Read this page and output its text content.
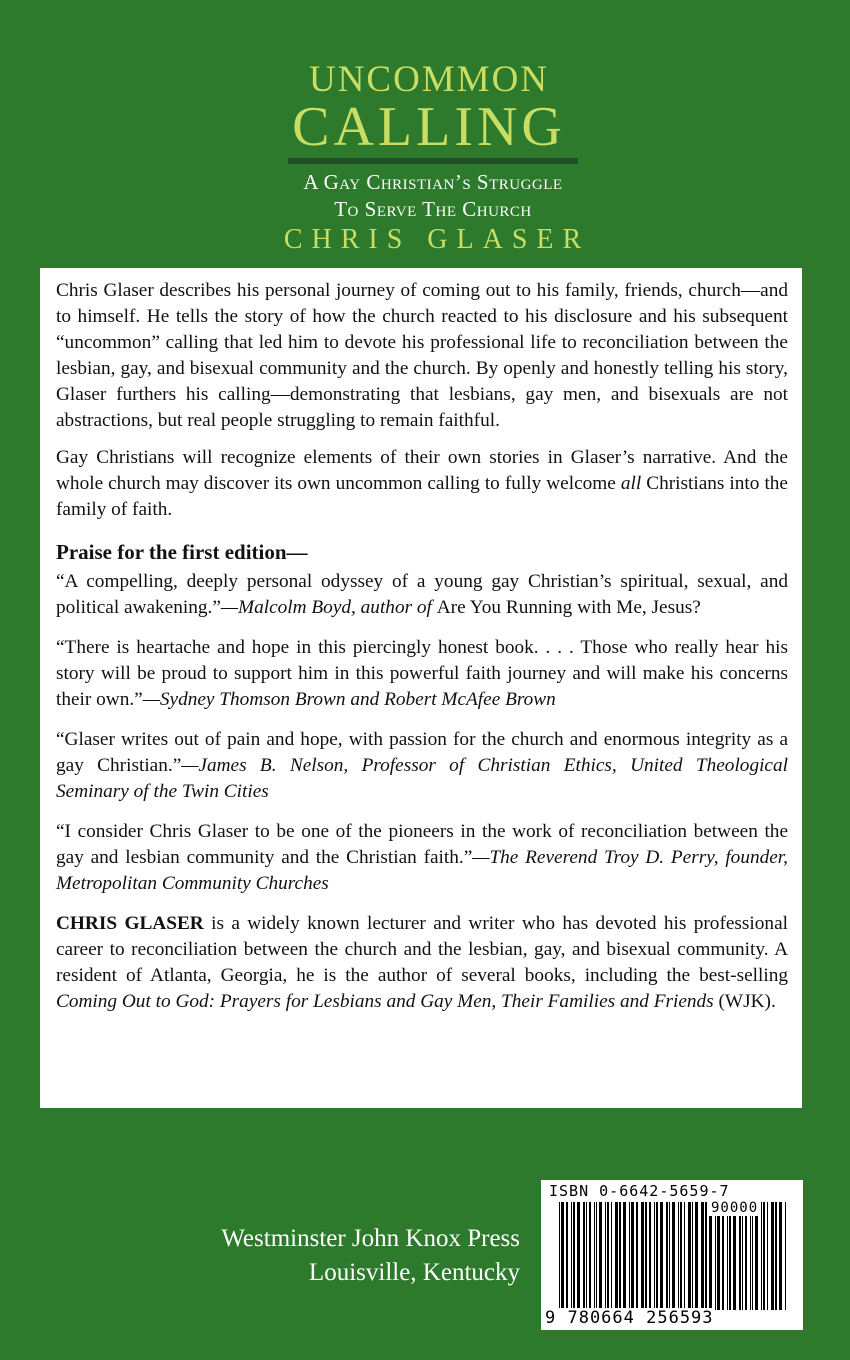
UNCOMMON
CALLING
A Gay Christian’s Struggle
To Serve The Church
CHRIS GLASER

Chris Glaser describes his personal journey of coming out to his family, friends, church—and to himself. He tells the story of how the church reacted to his disclosure and his subsequent “uncommon” calling that led him to devote his professional life to reconciliation between the lesbian, gay, and bisexual community and the church. By openly and honestly telling his story, Glaser furthers his calling—demonstrating that lesbians, gay men, and bisexuals are not abstractions, but real people struggling to remain faithful.

Gay Christians will recognize elements of their own stories in Glaser’s narrative. And the whole church may discover its own uncommon calling to fully welcome all Christians into the family of faith.

Praise for the first edition—

“A compelling, deeply personal odyssey of a young gay Christian’s spiritual, sexual, and political awakening.”—Malcolm Boyd, author of Are You Running with Me, Jesus?

“There is heartache and hope in this piercingly honest book. . . . Those who really hear his story will be proud to support him in this powerful faith journey and will make his concerns their own.”—Sydney Thomson Brown and Robert McAfee Brown

“Glaser writes out of pain and hope, with passion for the church and enormous integrity as a gay Christian.”—James B. Nelson, Professor of Christian Ethics, United Theological Seminary of the Twin Cities

“I consider Chris Glaser to be one of the pioneers in the work of reconciliation between the gay and lesbian community and the Christian faith.”—The Reverend Troy D. Perry, founder, Metropolitan Community Churches

CHRIS GLASER is a widely known lecturer and writer who has devoted his professional career to reconciliation between the church and the lesbian, gay, and bisexual community. A resident of Atlanta, Georgia, he is the author of several books, including the best-selling Coming Out to God: Prayers for Lesbians and Gay Men, Their Families and Friends (WJK).

Westminster John Knox Press
Louisville, Kentucky
ISBN 0-6642-5659-7
90000
9 780664 256593
